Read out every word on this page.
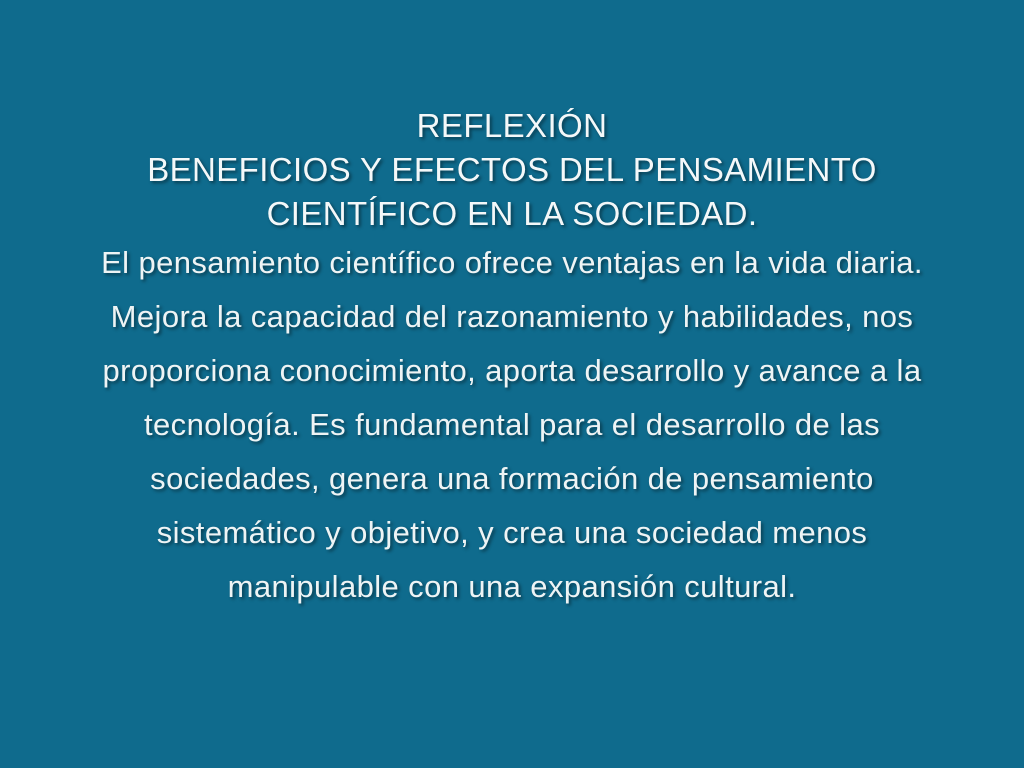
REFLEXIÓN
BENEFICIOS Y EFECTOS DEL PENSAMIENTO
CIENTÍFICO EN LA SOCIEDAD.
El pensamiento científico ofrece ventajas en la vida diaria.
Mejora la capacidad del razonamiento y habilidades, nos
proporciona conocimiento, aporta desarrollo y avance a la
tecnología. Es fundamental para el desarrollo de las
sociedades, genera una formación de pensamiento
sistemático y objetivo, y crea una sociedad menos
manipulable con una expansión cultural.
